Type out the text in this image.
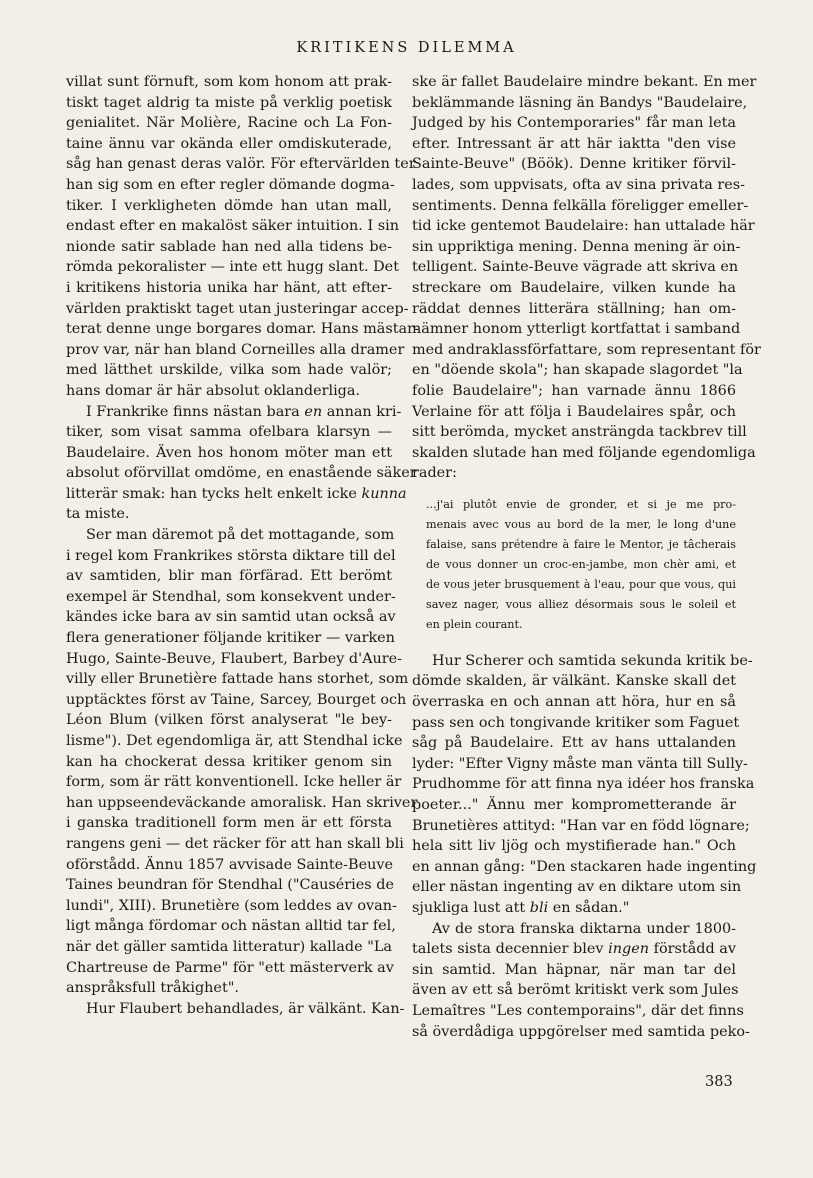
KRITIKENS DILEMMA
villat sunt förnuft, som kom honom att prak-
tiskt taget aldrig ta miste på verklig poetisk
genialitet. När Molière, Racine och La Fon-
taine ännu var okända eller omdiskuterade,
såg han genast deras valör. För eftervärlden ter
han sig som en efter regler dömande dogma-
tiker. I verkligheten dömde han utan mall,
endast efter en makalöst säker intuition. I sin
nionde satir sablade han ned alla tidens be-
römda pekoralister — inte ett hugg slant. Det
i kritikens historia unika har hänt, att efter-
världen praktiskt taget utan justeringar accep-
terat denne unge borgares domar. Hans mästar-
prov var, när han bland Corneilles alla dramer
med lätthet urskilde, vilka som hade valör;
hans domar är här absolut oklanderliga.
I Frankrike finns nästan bara en annan kri-
tiker, som visat samma ofelbara klarsyn —
Baudelaire. Även hos honom möter man ett
absolut oförvillat omdöme, en enastående säker
litterär smak: han tycks helt enkelt icke kunna
ta miste.
Ser man däremot på det mottagande, som
i regel kom Frankrikes största diktare till del
av samtiden, blir man förfärad. Ett berömt
exempel är Stendhal, som konsekvent under-
kändes icke bara av sin samtid utan också av
flera generationer följande kritiker — varken
Hugo, Sainte-Beuve, Flaubert, Barbey d'Aure-
villy eller Brunetière fattade hans storhet, som
upptäcktes först av Taine, Sarcey, Bourget och
Léon Blum (vilken först analyserat "le bey-
lisme"). Det egendomliga är, att Stendhal icke
kan ha chockerat dessa kritiker genom sin
form, som är rätt konventionell. Icke heller är
han uppseendeväckande amoralisk. Han skriver
i ganska traditionell form men är ett första
rangens geni — det räcker för att han skall bli
oförstådd. Ännu 1857 avvisade Sainte-Beuve
Taines beundran för Stendhal ("Causéries de
lundi", XIII). Brunetière (som leddes av ovan-
ligt många fördomar och nästan alltid tar fel,
när det gäller samtida litteratur) kallade "La
Chartreuse de Parme" för "ett mästerverk av
anspråksfull tråkighet".
Hur Flaubert behandlades, är välkänt. Kan-
ske är fallet Baudelaire mindre bekant. En mer
beklämmande läsning än Bandys "Baudelaire,
Judged by his Contemporaries" får man leta
efter. Intressant är att här iaktta "den vise
Sainte-Beuve" (Böök). Denne kritiker förvil-
lades, som uppvisats, ofta av sina privata res-
sentiments. Denna felkälla föreligger emeller-
tid icke gentemot Baudelaire: han uttalade här
sin uppriktiga mening. Denna mening är oin-
telligent. Sainte-Beuve vägrade att skriva en
streckare om Baudelaire, vilken kunde ha
räddat dennes litterära ställning; han om-
nämner honom ytterligt kortfattat i samband
med andraklassförfattare, som representant för
en "döende skola"; han skapade slagordet "la
folie Baudelaire"; han varnade ännu 1866
Verlaine för att följa i Baudelaires spår, och
sitt berömda, mycket ansträngda tackbrev till
skalden slutade han med följande egendomliga
rader:
...j'ai plutôt envie de gronder, et si je me pro-
menais avec vous au bord de la mer, le long d'une
falaise, sans prétendre à faire le Mentor, je tâcherais
de vous donner un croc-en-jambe, mon chèr ami, et
de vous jeter brusquement à l'eau, pour que vous, qui
savez nager, vous alliez désormais sous le soleil et
en plein courant.
Hur Scherer och samtida sekunda kritik be-
dömde skalden, är välkänt. Kanske skall det
överraska en och annan att höra, hur en så
pass sen och tongivande kritiker som Faguet
såg på Baudelaire. Ett av hans uttalanden
lyder: "Efter Vigny måste man vänta till Sully-
Prudhomme för att finna nya idéer hos franska
poeter..." Ännu mer komprometterande är
Brunetières attityd: "Han var en född lögnare;
hela sitt liv ljög och mystifierade han." Och
en annan gång: "Den stackaren hade ingenting
eller nästan ingenting av en diktare utom sin
sjukliga lust att bli en sådan."
Av de stora franska diktarna under 1800-
talets sista decennier blev ingen förstådd av
sin samtid. Man häpnar, när man tar del
även av ett så berömt kritiskt verk som Jules
Lemaîtres "Les contemporains", där det finns
så överdådiga uppgörelser med samtida peko-
383
